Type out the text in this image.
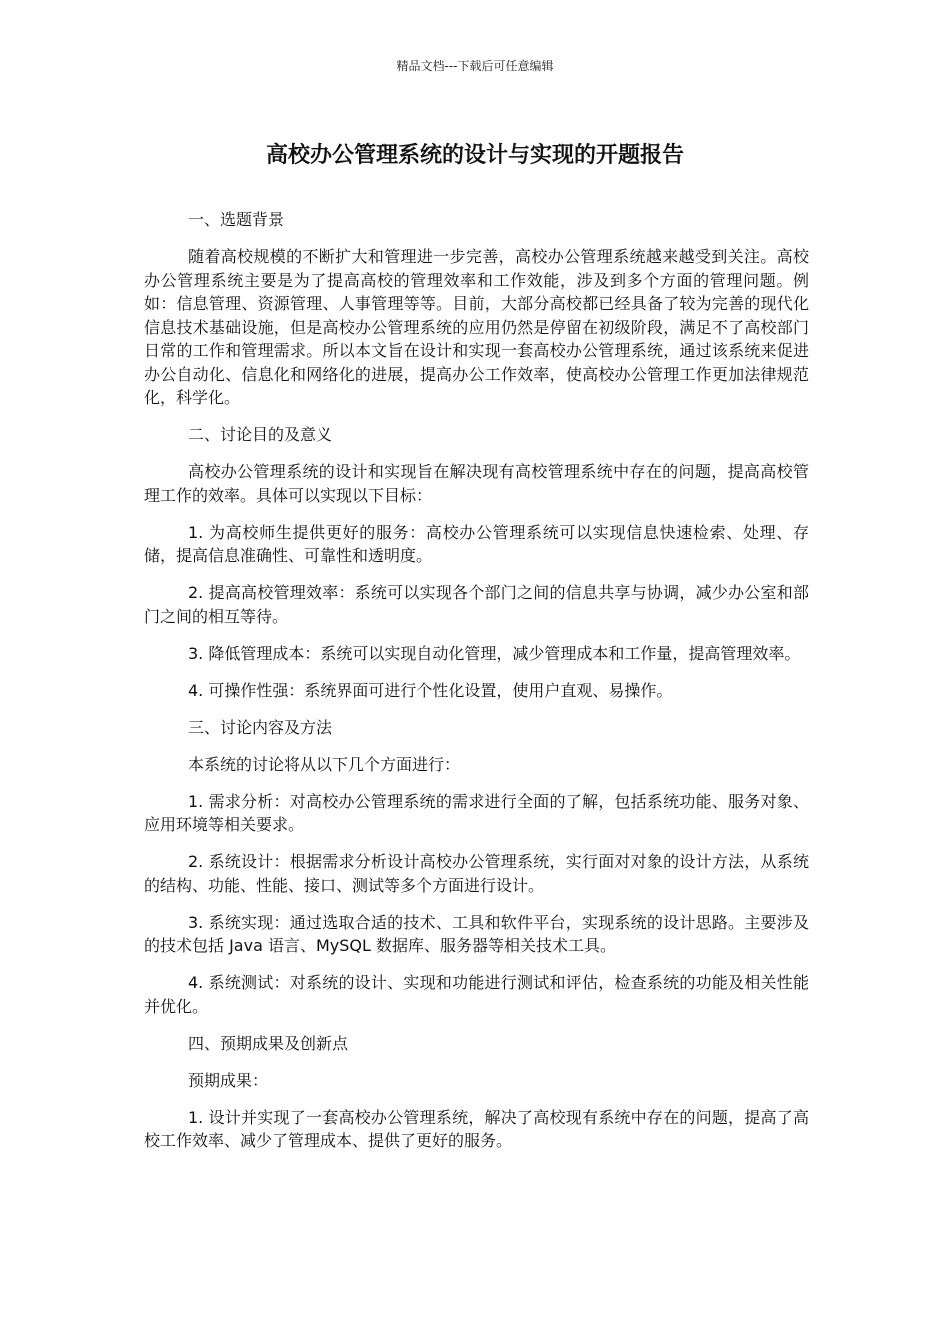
精品文档---下载后可任意编辑
高校办公管理系统的设计与实现的开题报告

一、选题背景

随着高校规模的不断扩大和管理进一步完善，高校办公管理系统越来越受到关注。高校办公管理系统主要是为了提高高校的管理效率和工作效能，涉及到多个方面的管理问题。例如：信息管理、资源管理、人事管理等等。目前，大部分高校都已经具备了较为完善的现代化信息技术基础设施，但是高校办公管理系统的应用仍然是停留在初级阶段，满足不了高校部门日常的工作和管理需求。所以本文旨在设计和实现一套高校办公管理系统，通过该系统来促进办公自动化、信息化和网络化的进展，提高办公工作效率，使高校办公管理工作更加法律规范化，科学化。

二、讨论目的及意义

高校办公管理系统的设计和实现旨在解决现有高校管理系统中存在的问题，提高高校管理工作的效率。具体可以实现以下目标：

1. 为高校师生提供更好的服务：高校办公管理系统可以实现信息快速检索、处理、存储，提高信息准确性、可靠性和透明度。

2. 提高高校管理效率：系统可以实现各个部门之间的信息共享与协调，减少办公室和部门之间的相互等待。

3. 降低管理成本：系统可以实现自动化管理，减少管理成本和工作量，提高管理效率。

4. 可操作性强：系统界面可进行个性化设置，使用户直观、易操作。

三、讨论内容及方法

本系统的讨论将从以下几个方面进行：

1. 需求分析：对高校办公管理系统的需求进行全面的了解，包括系统功能、服务对象、应用环境等相关要求。

2. 系统设计：根据需求分析设计高校办公管理系统，实行面对对象的设计方法，从系统的结构、功能、性能、接口、测试等多个方面进行设计。

3. 系统实现：通过选取合适的技术、工具和软件平台，实现系统的设计思路。主要涉及的技术包括 Java 语言、MySQL 数据库、服务器等相关技术工具。

4. 系统测试：对系统的设计、实现和功能进行测试和评估，检查系统的功能及相关性能并优化。

四、预期成果及创新点

预期成果：

1. 设计并实现了一套高校办公管理系统，解决了高校现有系统中存在的问题，提高了高校工作效率、减少了管理成本、提供了更好的服务。
